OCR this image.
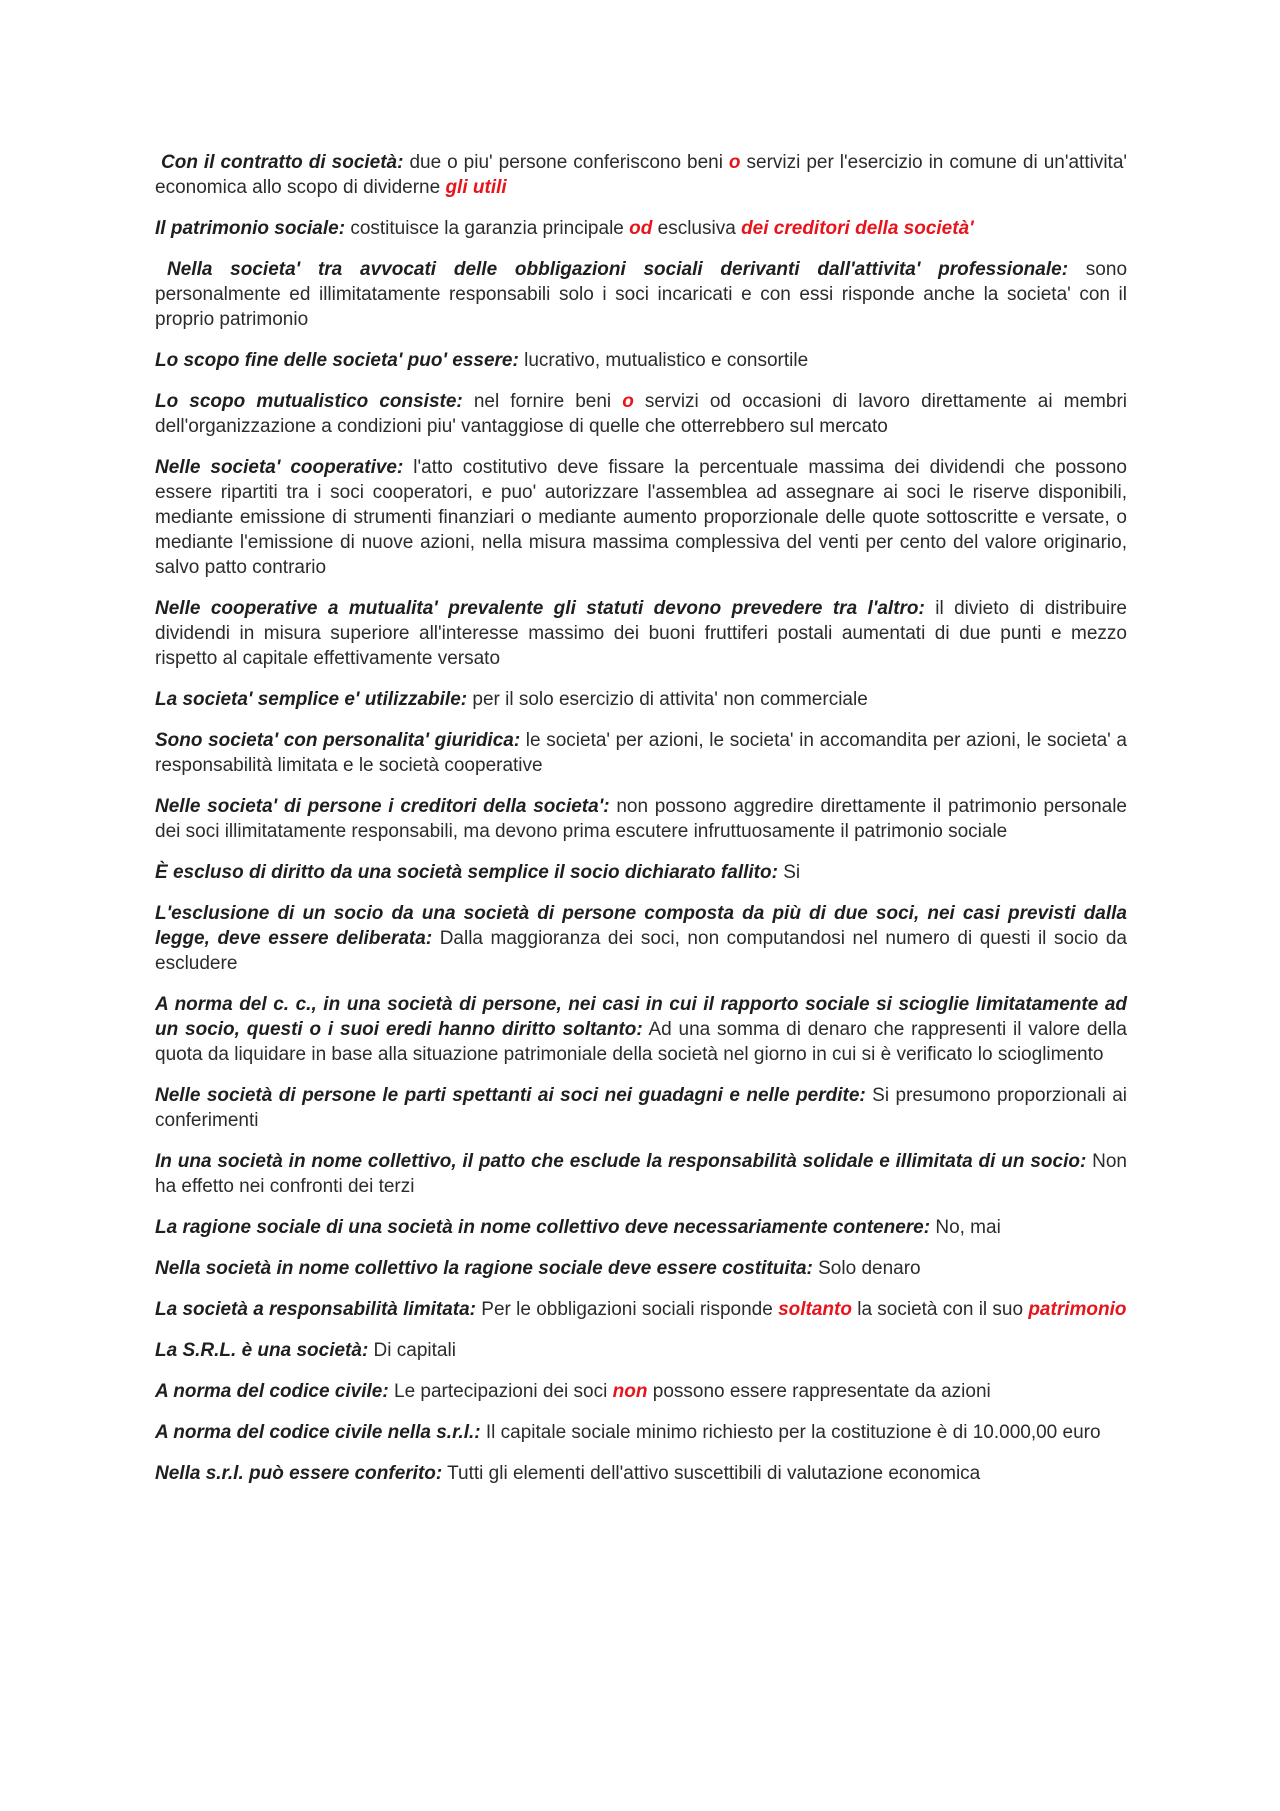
Con il contratto di società: due o piu' persone conferiscono beni o servizi per l'esercizio in comune di un'attivita' economica allo scopo di dividerne gli utili

Il patrimonio sociale: costituisce la garanzia principale od esclusiva dei creditori della società'

Nella societa' tra avvocati delle obbligazioni sociali derivanti dall'attivita' professionale: sono personalmente ed illimitatamente responsabili solo i soci incaricati e con essi risponde anche la societa' con il proprio patrimonio

Lo scopo fine delle societa' puo' essere: lucrativo, mutualistico e consortile

Lo scopo mutualistico consiste: nel fornire beni o servizi od occasioni di lavoro direttamente ai membri dell'organizzazione a condizioni piu' vantaggiose di quelle che otterrebbero sul mercato

Nelle societa' cooperative: l'atto costitutivo deve fissare la percentuale massima dei dividendi che possono essere ripartiti tra i soci cooperatori, e puo' autorizzare l'assemblea ad assegnare ai soci le riserve disponibili, mediante emissione di strumenti finanziari o mediante aumento proporzionale delle quote sottoscritte e versate, o mediante l'emissione di nuove azioni, nella misura massima complessiva del venti per cento del valore originario, salvo patto contrario

Nelle cooperative a mutualita' prevalente gli statuti devono prevedere tra l'altro: il divieto di distribuire dividendi in misura superiore all'interesse massimo dei buoni fruttiferi postali aumentati di due punti e mezzo rispetto al capitale effettivamente versato

La societa' semplice e' utilizzabile: per il solo esercizio di attivita' non commerciale

Sono societa' con personalita' giuridica: le societa' per azioni, le societa' in accomandita per azioni, le societa' a responsabilità limitata e le società cooperative

Nelle societa' di persone i creditori della societa': non possono aggredire direttamente il patrimonio personale dei soci illimitatamente responsabili, ma devono prima escutere infruttuosamente il patrimonio sociale

È escluso di diritto da una società semplice il socio dichiarato fallito: Si

L'esclusione di un socio da una società di persone composta da più di due soci, nei casi previsti dalla legge, deve essere deliberata: Dalla maggioranza dei soci, non computandosi nel numero di questi il socio da escludere

A norma del c. c., in una società di persone, nei casi in cui il rapporto sociale si scioglie limitatamente ad un socio, questi o i suoi eredi hanno diritto soltanto: Ad una somma di denaro che rappresenti il valore della quota da liquidare in base alla situazione patrimoniale della società nel giorno in cui si è verificato lo scioglimento

Nelle società di persone le parti spettanti ai soci nei guadagni e nelle perdite: Si presumono proporzionali ai conferimenti

In una società in nome collettivo, il patto che esclude la responsabilità solidale e illimitata di un socio: Non ha effetto nei confronti dei terzi

La ragione sociale di una società in nome collettivo deve necessariamente contenere: No, mai

Nella società in nome collettivo la ragione sociale deve essere costituita: Solo denaro

La società a responsabilità limitata: Per le obbligazioni sociali risponde soltanto la società con il suo patrimonio

La S.R.L. è una società: Di capitali

A norma del codice civile: Le partecipazioni dei soci non possono essere rappresentate da azioni

A norma del codice civile nella s.r.l.: Il capitale sociale minimo richiesto per la costituzione è di 10.000,00 euro

Nella s.r.l. può essere conferito: Tutti gli elementi dell'attivo suscettibili di valutazione economica
